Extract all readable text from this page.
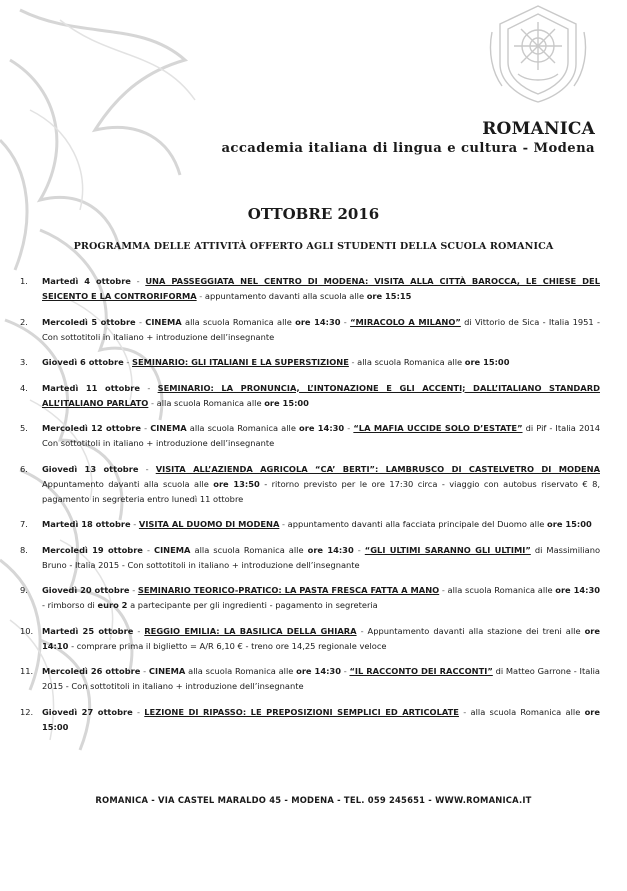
ROMANICA
accademia italiana di lingua e cultura - Modena
OTTOBRE 2016
PROGRAMMA DELLE ATTIVITÀ OFFERTO AGLI STUDENTI DELLA SCUOLA ROMANICA
1. Martedì 4 ottobre - UNA PASSEGGIATA NEL CENTRO DI MODENA: VISITA ALLA CITTÀ BAROCCA, LE CHIESE DEL SEICENTO E LA CONTRORIFORMA - appuntamento davanti alla scuola alle ore 15:15
2. Mercoledì 5 ottobre - CINEMA alla scuola Romanica alle ore 14:30 - “MIRACOLO A MILANO” di Vittorio de Sica - Italia 1951 - Con sottotitoli in italiano + introduzione dell’insegnante
3. Giovedì 6 ottobre - SEMINARIO: GLI ITALIANI E LA SUPERSTIZIONE - alla scuola Romanica alle ore 15:00
4. Martedì 11 ottobre - SEMINARIO: LA PRONUNCIA, L’INTONAZIONE E GLI ACCENTI; DALL’ITALIANO STANDARD ALL’ITALIANO PARLATO - alla scuola Romanica alle ore 15:00
5. Mercoledì 12 ottobre - CINEMA alla scuola Romanica alle ore 14:30 - “LA MAFIA UCCIDE SOLO D’ESTATE” di Pif - Italia 2014 Con sottotitoli in italiano + introduzione dell’insegnante
6. Giovedì 13 ottobre - VISITA ALL’AZIENDA AGRICOLA “CA’ BERTI”: LAMBRUSCO DI CASTELVETRO DI MODENA Appuntamento davanti alla scuola alle ore 13:50 - ritorno previsto per le ore 17:30 circa - viaggio con autobus riservato € 8, pagamento in segreteria entro lunedì 11 ottobre
7. Martedì 18 ottobre - VISITA AL DUOMO DI MODENA - appuntamento davanti alla facciata principale del Duomo alle ore 15:00
8. Mercoledì 19 ottobre - CINEMA alla scuola Romanica alle ore 14:30 - “GLI ULTIMI SARANNO GLI ULTIMI” di Massimiliano Bruno - Italia 2015 - Con sottotitoli in italiano + introduzione dell’insegnante
9. Giovedì 20 ottobre - SEMINARIO TEORICO-PRATICO: LA PASTA FRESCA FATTA A MANO - alla scuola Romanica alle ore 14:30 - rimborso di euro 2 a partecipante per gli ingredienti - pagamento in segreteria
10. Martedì 25 ottobre - REGGIO EMILIA: LA BASILICA DELLA GHIARA - Appuntamento davanti alla stazione dei treni alle ore 14:10 - comprare prima il biglietto = A/R 6,10 € - treno ore 14,25 regionale veloce
11. Mercoledì 26 ottobre - CINEMA alla scuola Romanica alle ore 14:30 - “IL RACCONTO DEI RACCONTI” di Matteo Garrone - Italia 2015 - Con sottotitoli in italiano + introduzione dell’insegnante
12. Giovedì 27 ottobre - LEZIONE DI RIPASSO: LE PREPOSIZIONI SEMPLICI ED ARTICOLATE - alla scuola Romanica alle ore 15:00
ROMANICA - VIA CASTEL MARALDO 45 - MODENA - TEL. 059 245651 - WWW.ROMANICA.IT
